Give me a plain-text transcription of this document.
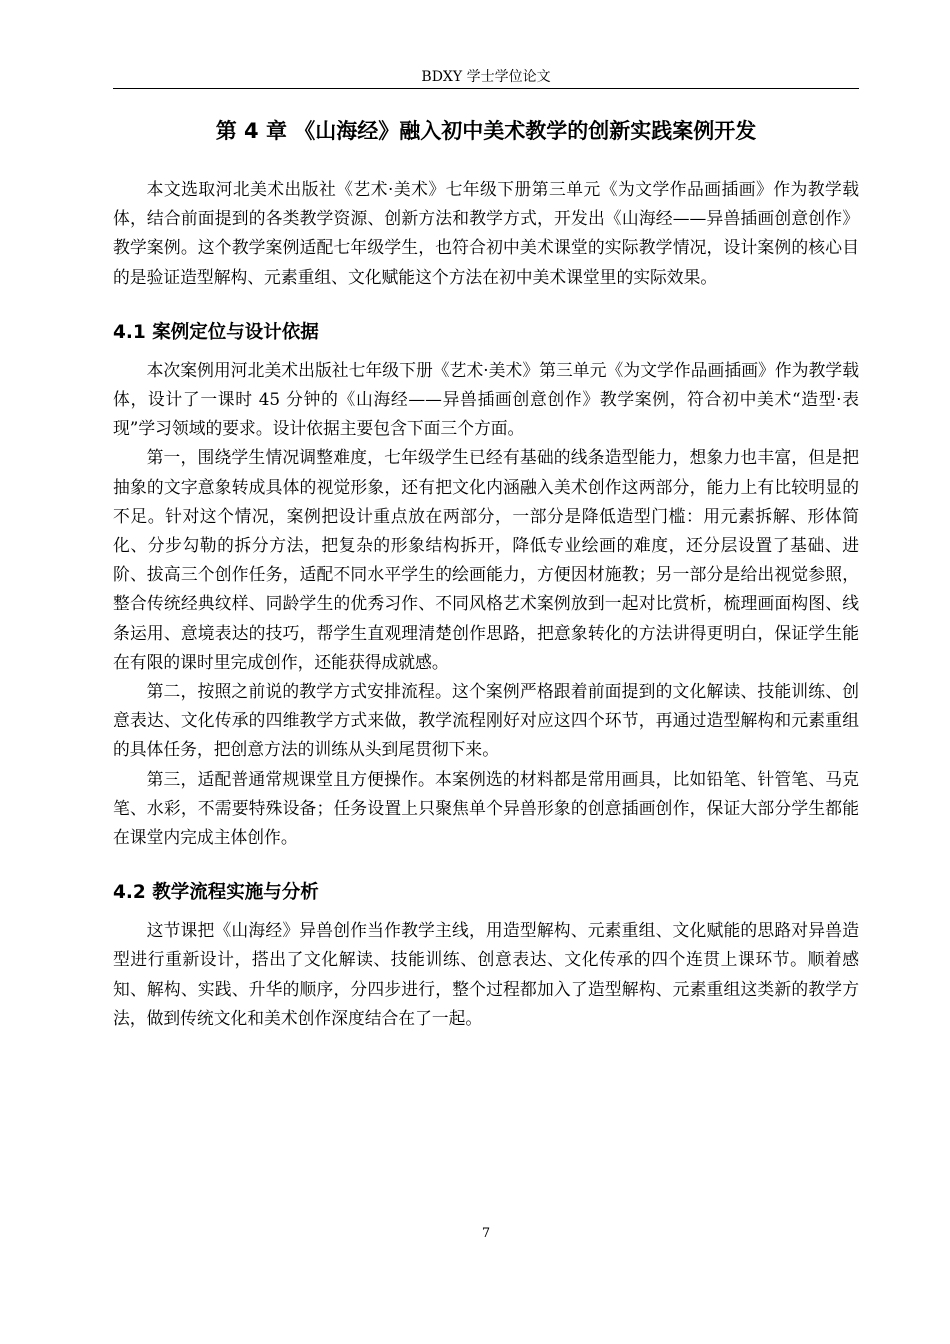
BDXY 学士学位论文
第 4 章 《山海经》融入初中美术教学的创新实践案例开发

本文选取河北美术出版社《艺术·美术》七年级下册第三单元《为文学作品画插画》作为教学载体，结合前面提到的各类教学资源、创新方法和教学方式，开发出《山海经——异兽插画创意创作》教学案例。这个教学案例适配七年级学生，也符合初中美术课堂的实际教学情况，设计案例的核心目的是验证造型解构、元素重组、文化赋能这个方法在初中美术课堂里的实际效果。

4.1 案例定位与设计依据

本次案例用河北美术出版社七年级下册《艺术·美术》第三单元《为文学作品画插画》作为教学载体，设计了一课时 45 分钟的《山海经——异兽插画创意创作》教学案例，符合初中美术“造型·表现”学习领域的要求。设计依据主要包含下面三个方面。

第一，围绕学生情况调整难度，七年级学生已经有基础的线条造型能力，想象力也丰富，但是把抽象的文字意象转成具体的视觉形象，还有把文化内涵融入美术创作这两部分，能力上有比较明显的不足。针对这个情况，案例把设计重点放在两部分，一部分是降低造型门槛：用元素拆解、形体简化、分步勾勒的拆分方法，把复杂的形象结构拆开，降低专业绘画的难度，还分层设置了基础、进阶、拔高三个创作任务，适配不同水平学生的绘画能力，方便因材施教；另一部分是给出视觉参照，整合传统经典纹样、同龄学生的优秀习作、不同风格艺术案例放到一起对比赏析，梳理画面构图、线条运用、意境表达的技巧，帮学生直观理清楚创作思路，把意象转化的方法讲得更明白，保证学生能在有限的课时里完成创作，还能获得成就感。

第二，按照之前说的教学方式安排流程。这个案例严格跟着前面提到的文化解读、技能训练、创意表达、文化传承的四维教学方式来做，教学流程刚好对应这四个环节，再通过造型解构和元素重组的具体任务，把创意方法的训练从头到尾贯彻下来。

第三，适配普通常规课堂且方便操作。本案例选的材料都是常用画具，比如铅笔、针管笔、马克笔、水彩，不需要特殊设备；任务设置上只聚焦单个异兽形象的创意插画创作，保证大部分学生都能在课堂内完成主体创作。

4.2 教学流程实施与分析

这节课把《山海经》异兽创作当作教学主线，用造型解构、元素重组、文化赋能的思路对异兽造型进行重新设计，搭出了文化解读、技能训练、创意表达、文化传承的四个连贯上课环节。顺着感知、解构、实践、升华的顺序，分四步进行，整个过程都加入了造型解构、元素重组这类新的教学方法，做到传统文化和美术创作深度结合在了一起。

7
